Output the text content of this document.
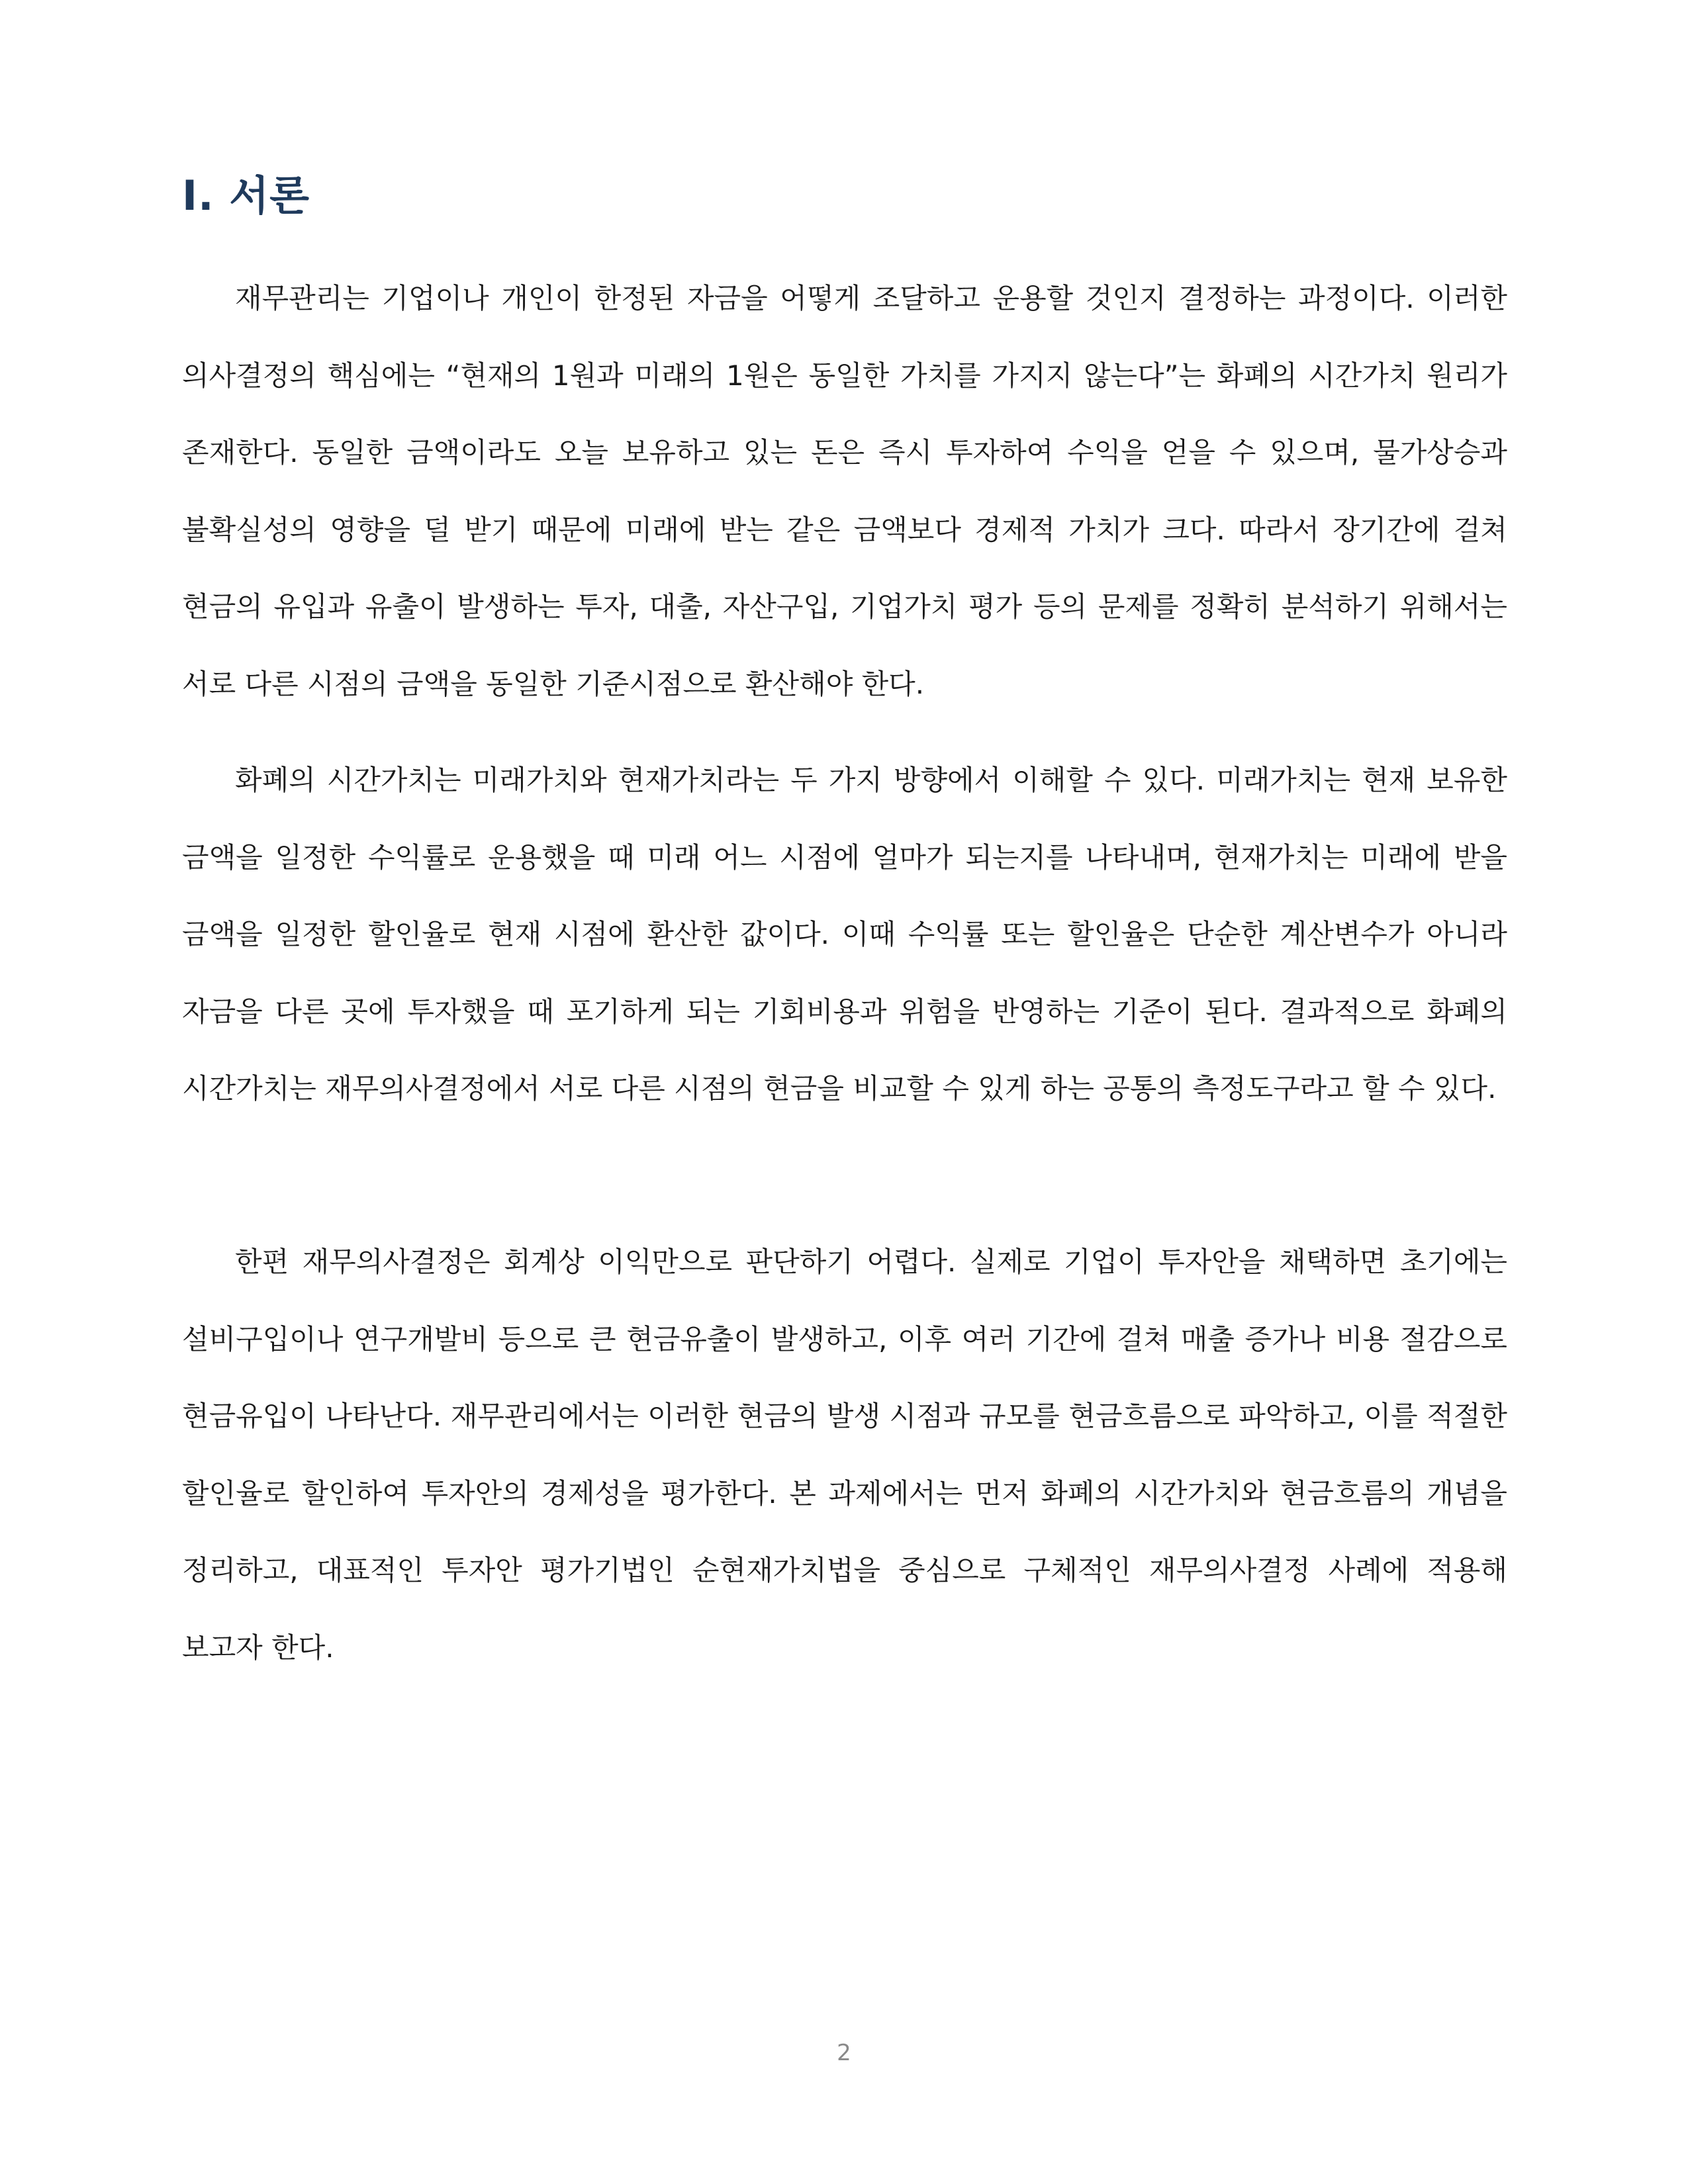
Ⅰ. 서론

재무관리는 기업이나 개인이 한정된 자금을 어떻게 조달하고 운용할 것인지 결정하는 과정이다. 이러한 의사결정의 핵심에는 “현재의 1원과 미래의 1원은 동일한 가치를 가지지 않는다”는 화폐의 시간가치 원리가 존재한다. 동일한 금액이라도 오늘 보유하고 있는 돈은 즉시 투자하여 수익을 얻을 수 있으며, 물가상승과 불확실성의 영향을 덜 받기 때문에 미래에 받는 같은 금액보다 경제적 가치가 크다. 따라서 장기간에 걸쳐 현금의 유입과 유출이 발생하는 투자, 대출, 자산구입, 기업가치 평가 등의 문제를 정확히 분석하기 위해서는 서로 다른 시점의 금액을 동일한 기준시점으로 환산해야 한다.

화폐의 시간가치는 미래가치와 현재가치라는 두 가지 방향에서 이해할 수 있다. 미래가치는 현재 보유한 금액을 일정한 수익률로 운용했을 때 미래 어느 시점에 얼마가 되는지를 나타내며, 현재가치는 미래에 받을 금액을 일정한 할인율로 현재 시점에 환산한 값이다. 이때 수익률 또는 할인율은 단순한 계산변수가 아니라 자금을 다른 곳에 투자했을 때 포기하게 되는 기회비용과 위험을 반영하는 기준이 된다. 결과적으로 화폐의 시간가치는 재무의사결정에서 서로 다른 시점의 현금을 비교할 수 있게 하는 공통의 측정도구라고 할 수 있다.

한편 재무의사결정은 회계상 이익만으로 판단하기 어렵다. 실제로 기업이 투자안을 채택하면 초기에는 설비구입이나 연구개발비 등으로 큰 현금유출이 발생하고, 이후 여러 기간에 걸쳐 매출 증가나 비용 절감으로 현금유입이 나타난다. 재무관리에서는 이러한 현금의 발생 시점과 규모를 현금흐름으로 파악하고, 이를 적절한 할인율로 할인하여 투자안의 경제성을 평가한다. 본 과제에서는 먼저 화폐의 시간가치와 현금흐름의 개념을 정리하고, 대표적인 투자안 평가기법인 순현재가치법을 중심으로 구체적인 재무의사결정 사례에 적용해 보고자 한다.

2
